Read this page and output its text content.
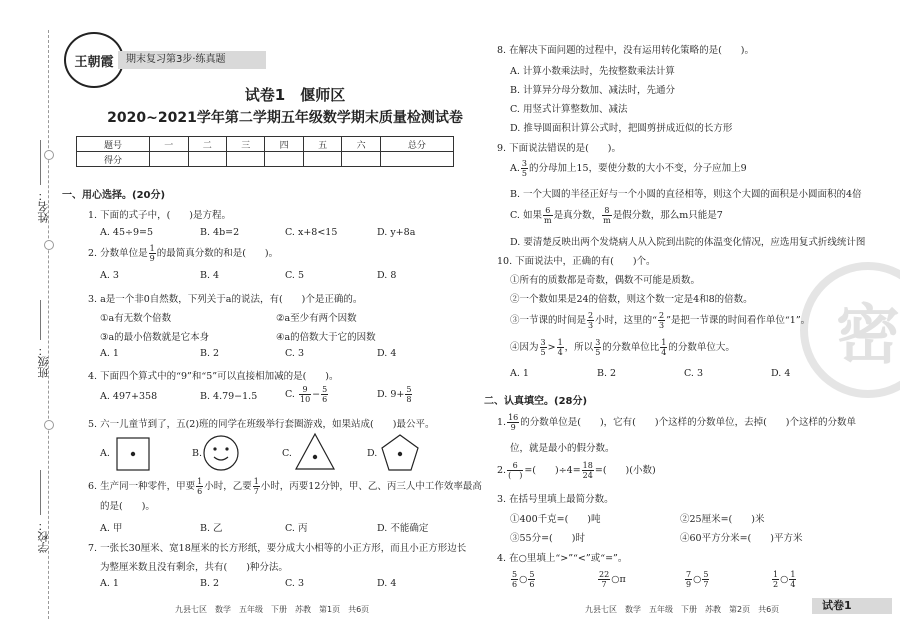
姓名：
班级：
学校：
王朝霞	期末复习第3步·练真题
试卷1　偃师区
2020~2021学年第二学期五年级数学期末质量检测试卷
题号	一	二	三	四	五	六	总分
得分							
一、用心选择。(20分)
1. 下面的式子中，(　　)是方程。
A. 45÷9=5	B. 4b=2	C. x+8<15	D. y+8a
2. 分数单位是 $\frac{1}{9}$ 的最简真分数的和是(　　)。
A. 3	B. 4	C. 5	D. 8
3. a是一个非0自然数，下列关于a的说法，有(　　)个是正确的。
①a有无数个倍数	②a至少有两个因数
③a的最小倍数就是它本身	④a的倍数大于它的因数
A. 1	B. 2	C. 3	D. 4
4. 下面四个算式中的“9”和“5”可以直接相加减的是(　　)。
A. 497+358	B. 4.79−1.5	C. $\frac{9}{10} - \frac{5}{6}$	D. $9+ \frac{5}{8}$
5. 六一儿童节到了，五(2)班的同学在班级举行套圈游戏，如果站成(　　)最公平。
A.	B.	C.	D.
6. 生产同一种零件，甲要 $\frac{1}{6}$ 小时，乙要 $\frac{1}{7}$ 小时，丙要12分钟，甲、乙、丙三人中工作效率最高
的是(　　)。
A. 甲	B. 乙	C. 丙	D. 不能确定
7. 一张长30厘米、宽18厘米的长方形纸，要分成大小相等的小正方形，而且小正方形边长
为整厘米数且没有剩余，共有(　　)种分法。
A. 1	B. 2	C. 3	D. 4
九县七区　数学　五年级　下册　苏教　第1页　共6页
密
8. 在解决下面问题的过程中，没有运用转化策略的是(　　)。
A. 计算小数乘法时，先按整数乘法计算
B. 计算异分母分数加、减法时，先通分
C. 用竖式计算整数加、减法
D. 推导圆面积计算公式时，把圆剪拼成近似的长方形
9. 下面说法错误的是(　　)。
A. $\frac{3}{5}$ 的分母加上15，要使分数的大小不变，分子应加上9
B. 一个大圆的半径正好与一个小圆的直径相等，则这个大圆的面积是小圆面积的4倍
C. 如果 $\frac{6}{m}$ 是真分数， $\frac{8}{m}$ 是假分数，那么m只能是7
D. 要清楚反映出两个发烧病人从入院到出院的体温变化情况，应选用复式折线统计图
10. 下面说法中，正确的有(　　)个。
①所有的质数都是奇数，偶数不可能是质数。
②一个数如果是24的倍数，则这个数一定是4和8的倍数。
③一节课的时间是 $\frac{2}{3}$ 小时，这里的“ $\frac{2}{3}$ ”是把一节课的时间看作单位“1”。
④因为 $\frac{3}{5} > \frac{1}{4}$ ，所以 $\frac{3}{5}$ 的分数单位比 $\frac{1}{4}$ 的分数单位大。
A. 1	B. 2	C. 3	D. 4
二、认真填空。(28分)
1. $\frac{16}{9}$ 的分数单位是(　　)，它有(　　)个这样的分数单位，去掉(　　)个这样的分数单
位，就是最小的假分数。
2. $\frac{6}{( )}$ =(　　)$\div 4= \frac{18}{24}$ =(　　)(小数)
3. 在括号里填上最简分数。
①400千克=(　　)吨	②25厘米=(　　)米
③55分=(　　)时	④60平方分米=(　　)平方米
4. 在○里填上“>”“<”或“=”。
$\frac{5}{6}$ ○ $\frac{5}{6}$	$\frac{22}{7}$ ○π	$\frac{7}{9}$ ○ $\frac{5}{7}$	$\frac{1}{2}$ ○ $\frac{1}{4}$
九县七区　数学　五年级　下册　苏教　第2页　共6页	试卷1
